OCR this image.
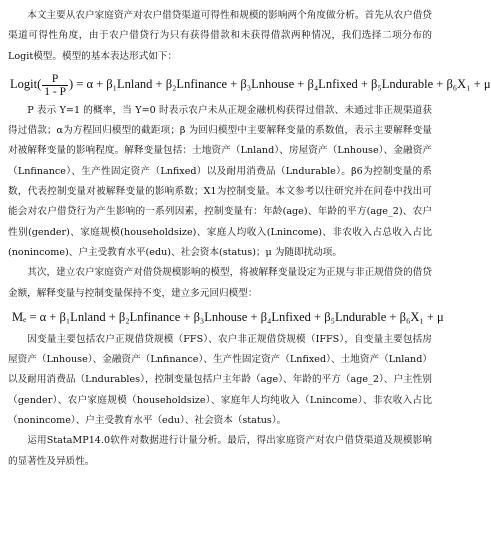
本文主要从农户家庭资产对农户借贷渠道可得性和规模的影响两个角度做分析。首先从农户借贷渠道可得性角度，由于农户借贷行为只有获得借款和未获得借款两种情况，我们选择二项分布的Logit模型。模型的基本表达形式如下：

Logit( $\frac{P}{1 - P}$ ) = α + β₁Lnland + β₂Lnfinance + β₃Lnhouse + β₄Lnfixed + β₅Lndurable + β₆X₁ + μ

P 表示 Y=1 的概率，当 Y=0 时表示农户未从正规金融机构获得过借款、未通过非正规渠道获得过借款；α为方程回归模型的截距项；β 为回归模型中主要解释变量的系数值，表示主要解释变量对被解释变量的影响程度。解释变量包括：土地资产（Lnland）、房屋资产（Lnhouse）、金融资产（Lnfinance）、生产性固定资产（Lnfixed）以及耐用消费品（Lndurable）。β6为控制变量的系数，代表控制变量对被解释变量的影响系数；X1为控制变量。本文参考以往研究并在问卷中找出可能会对农户借贷行为产生影响的一系列因素，控制变量有：年龄(age)、年龄的平方(age_2)、农户性别(gender)、家庭规模(householdsize)、家庭人均收入(Lnincome)、非农收入占总收入占比(nonincome)、户主受教育水平(edu)、社会资本(status)；μ 为随即扰动项。

其次，建立农户家庭资产对借贷规模影响的模型，将被解释变量设定为正规与非正规借贷的借贷金额，解释变量与控制变量保持不变，建立多元回归模型：

Mₑ = α + β₁Lnland + β₂Lnfinance + β₃Lnhouse + β₄Lnfixed + β₅Lndurable + β₆X₁ + μ

因变量主要包括农户正规借贷规模（FFS）、农户非正规借贷规模（IFFS），自变量主要包括房屋资产（Lnhouse）、金融资产（Lnfinance）、生产性固定资产（Lnfixed）、土地资产（Lnland）以及耐用消费品（Lndurables），控制变量包括户主年龄（age）、年龄的平方（age_2）、户主性别（gender）、农户家庭规模（householdsize）、家庭年人均纯收入（Lnincome）、非农收入占比（nonincome）、户主受教育水平（edu）、社会资本（status）。

运用StataMP14.0软件对数据进行计量分析。最后，得出家庭资产对农户借贷渠道及规模影响的显著性及异质性。
